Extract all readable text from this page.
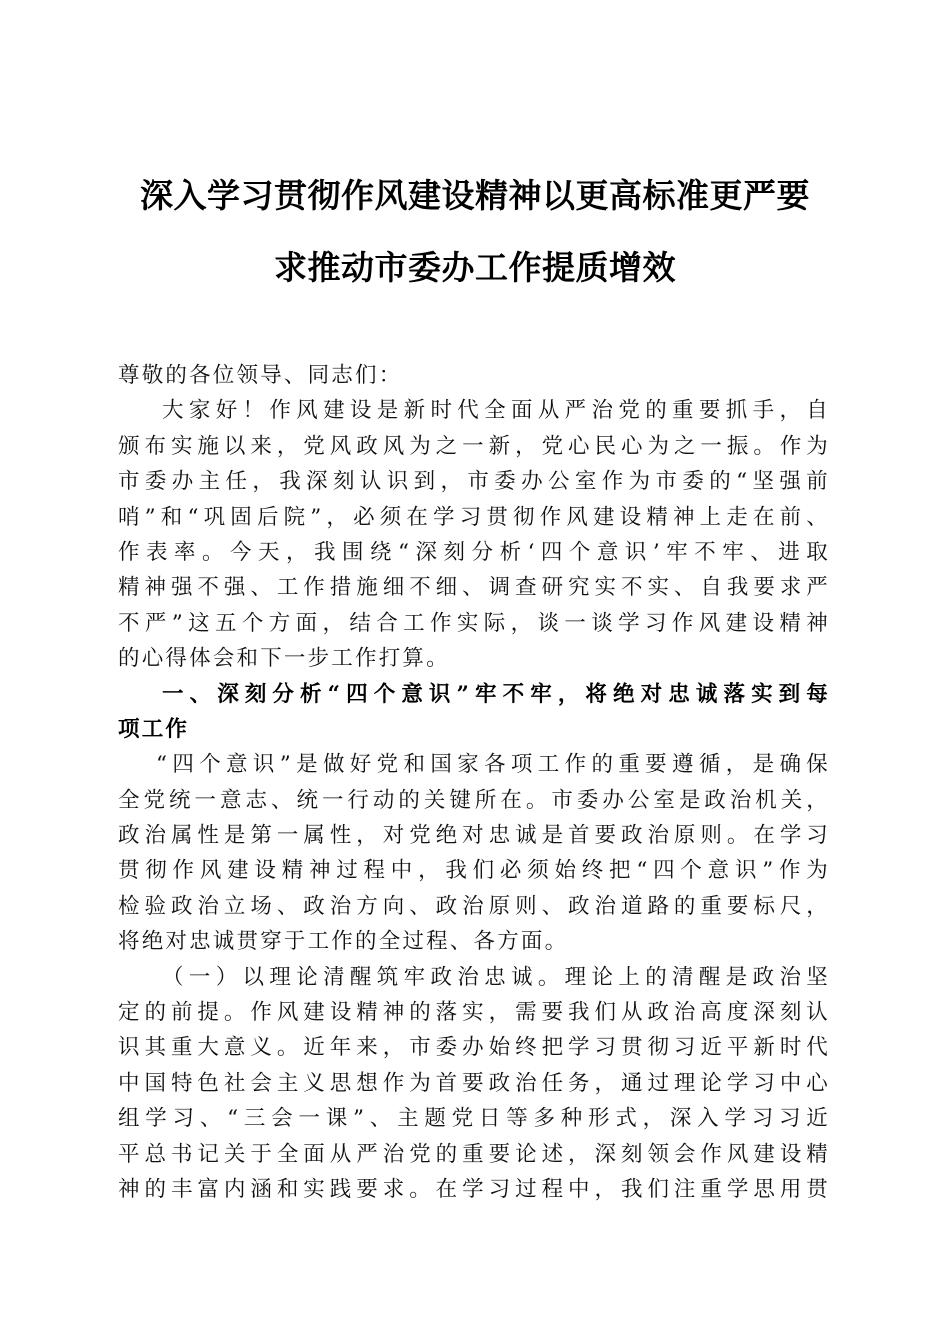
深入学习贯彻作风建设精神以更高标准更严要
求推动市委办工作提质增效
尊敬的各位领导、同志们：
大家好！作风建设是新时代全面从严治党的重要抓手，自
颁布实施以来，党风政风为之一新，党心民心为之一振。作为
市委办主任，我深刻认识到，市委办公室作为市委的“坚强前
哨”和“巩固后院”，必须在学习贯彻作风建设精神上走在前、
作表率。今天，我围绕“深刻分析‘四个意识’牢不牢、进取
精神强不强、工作措施细不细、调查研究实不实、自我要求严
不严”这五个方面，结合工作实际，谈一谈学习作风建设精神
的心得体会和下一步工作打算。
一、深刻分析“四个意识”牢不牢，将绝对忠诚落实到每
项工作
“四个意识”是做好党和国家各项工作的重要遵循，是确保
全党统一意志、统一行动的关键所在。市委办公室是政治机关，
政治属性是第一属性，对党绝对忠诚是首要政治原则。在学习
贯彻作风建设精神过程中，我们必须始终把“四个意识”作为
检验政治立场、政治方向、政治原则、政治道路的重要标尺，
将绝对忠诚贯穿于工作的全过程、各方面。
（一）以理论清醒筑牢政治忠诚。理论上的清醒是政治坚
定的前提。作风建设精神的落实，需要我们从政治高度深刻认
识其重大意义。近年来，市委办始终把学习贯彻习近平新时代
中国特色社会主义思想作为首要政治任务，通过理论学习中心
组学习、“三会一课”、主题党日等多种形式，深入学习习近
平总书记关于全面从严治党的重要论述，深刻领会作风建设精
神的丰富内涵和实践要求。在学习过程中，我们注重学思用贯
